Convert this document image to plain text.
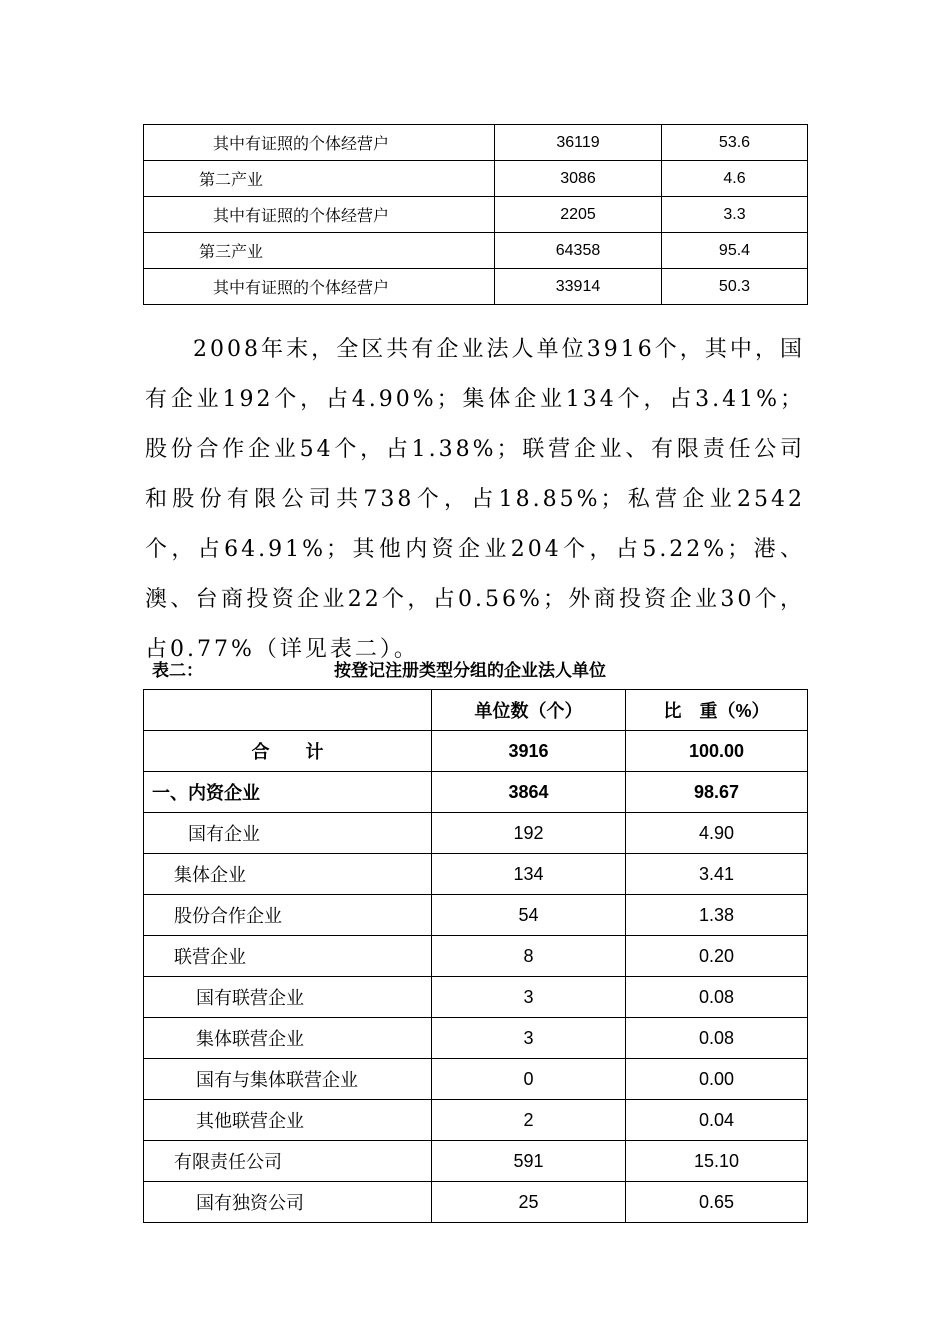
其中有证照的个体经营户	36119	53.6
第二产业	3086	4.6
其中有证照的个体经营户	2205	3.3
第三产业	64358	95.4
其中有证照的个体经营户	33914	50.3

2008年末，全区共有企业法人单位3916个，其中，国有企业192个，占4.90%；集体企业134个，占3.41%；股份合作企业54个，占1.38%；联营企业、有限责任公司和股份有限公司共738个，占18.85%；私营企业2542个，占64.91%；其他内资企业204个，占5.22%；港、澳、台商投资企业22个，占0.56%；外商投资企业30个，占0.77%（详见表二）。

表二：	按登记注册类型分组的企业法人单位
	单位数（个）	比　重（%）
合　　计	3916	100.00
一、内资企业	3864	98.67
国有企业	192	4.90
集体企业	134	3.41
股份合作企业	54	1.38
联营企业	8	0.20
国有联营企业	3	0.08
集体联营企业	3	0.08
国有与集体联营企业	0	0.00
其他联营企业	2	0.04
有限责任公司	591	15.10
国有独资公司	25	0.65
